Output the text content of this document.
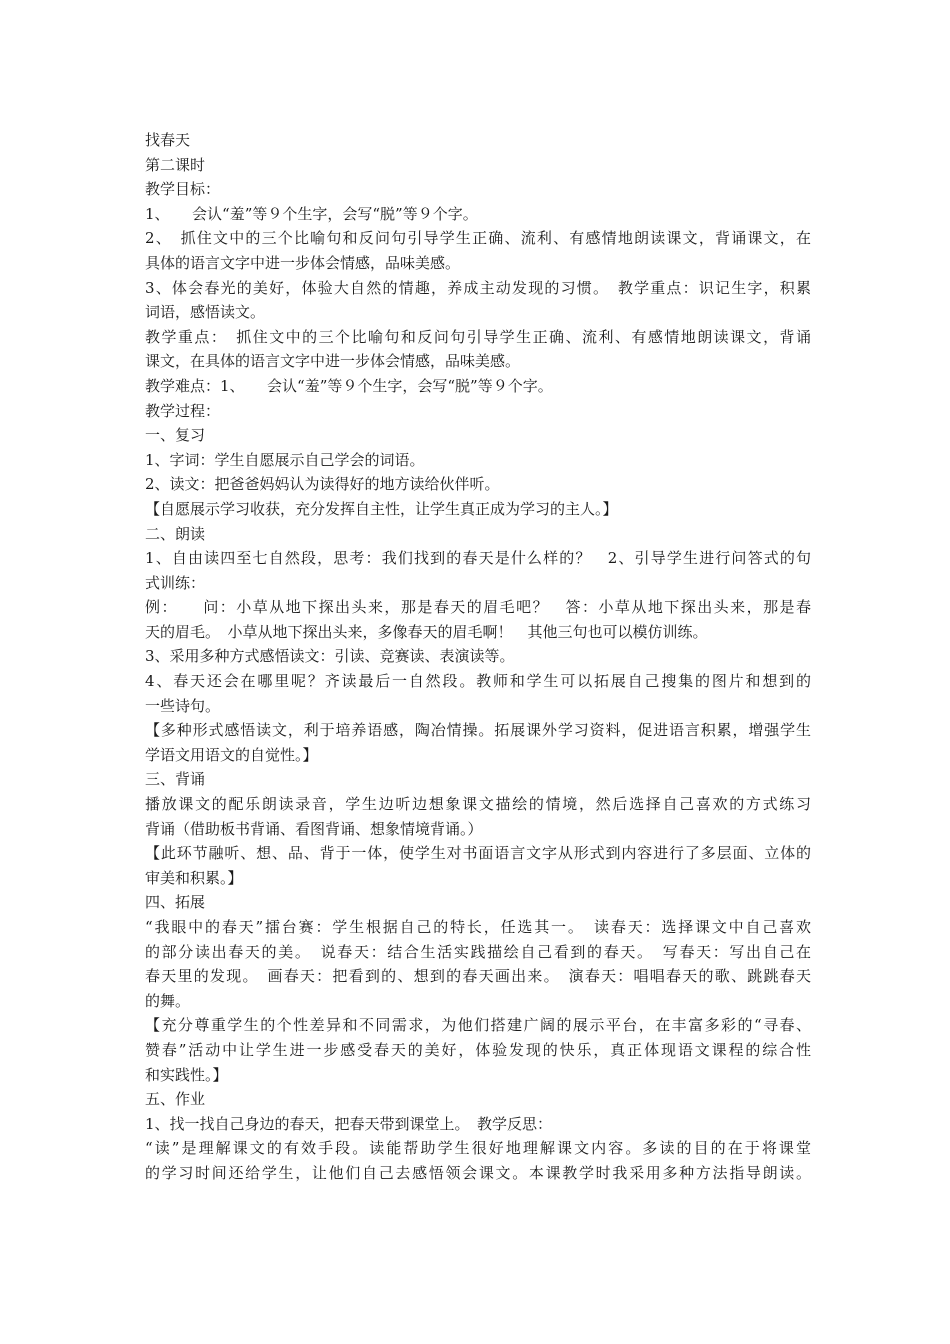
找春天
第二课时
教学目标：
1、　　会认“羞”等９个生字，会写“脱”等９个字。
2、　抓住文中的三个比喻句和反问句引导学生正确、流利、有感情地朗读课文，背诵课文，在
具体的语言文字中进一步体会情感，品味美感。
3、体会春光的美好，体验大自然的情趣，养成主动发现的习惯。　教学重点：识记生字，积累
词语，感悟读文。
教学重点：　抓住文中的三个比喻句和反问句引导学生正确、流利、有感情地朗读课文，背诵
课文，在具体的语言文字中进一步体会情感，品味美感。
教学难点：1、　　会认“羞”等９个生字，会写“脱”等９个字。
教学过程：
一、复习
1、字词：学生自愿展示自己学会的词语。
2、读文：把爸爸妈妈认为读得好的地方读给伙伴听。
【自愿展示学习收获，充分发挥自主性，让学生真正成为学习的主人。】
二、朗读
1、自由读四至七自然段，思考：我们找到的春天是什么样的？　2、引导学生进行问答式的句
式训练：
例：　　问：小草从地下探出头来，那是春天的眉毛吧？　答：小草从地下探出头来，那是春
天的眉毛。　小草从地下探出头来，多像春天的眉毛啊！　其他三句也可以模仿训练。
3、采用多种方式感悟读文：引读、竞赛读、表演读等。
4、春天还会在哪里呢？齐读最后一自然段。教师和学生可以拓展自己搜集的图片和想到的
一些诗句。
【多种形式感悟读文，利于培养语感，陶冶情操。拓展课外学习资料，促进语言积累，增强学生
学语文用语文的自觉性。】
三、背诵
播放课文的配乐朗读录音，学生边听边想象课文描绘的情境，然后选择自己喜欢的方式练习
背诵（借助板书背诵、看图背诵、想象情境背诵。）
【此环节融听、想、品、背于一体，使学生对书面语言文字从形式到内容进行了多层面、立体的
审美和积累。】
四、拓展
“我眼中的春天”擂台赛：学生根据自己的特长，任选其一。　读春天：选择课文中自己喜欢
的部分读出春天的美。　说春天：结合生活实践描绘自己看到的春天。　写春天：写出自己在
春天里的发现。　画春天：把看到的、想到的春天画出来。　演春天：唱唱春天的歌、跳跳春天
的舞。
【充分尊重学生的个性差异和不同需求，为他们搭建广阔的展示平台，在丰富多彩的“寻春、
赞春”活动中让学生进一步感受春天的美好，体验发现的快乐，真正体现语文课程的综合性
和实践性。】
五、作业
1、找一找自己身边的春天，把春天带到课堂上。　教学反思：
“读”是理解课文的有效手段。读能帮助学生很好地理解课文内容。多读的目的在于将课堂
的学习时间还给学生，让他们自己去感悟领会课文。本课教学时我采用多种方法指导朗读。
